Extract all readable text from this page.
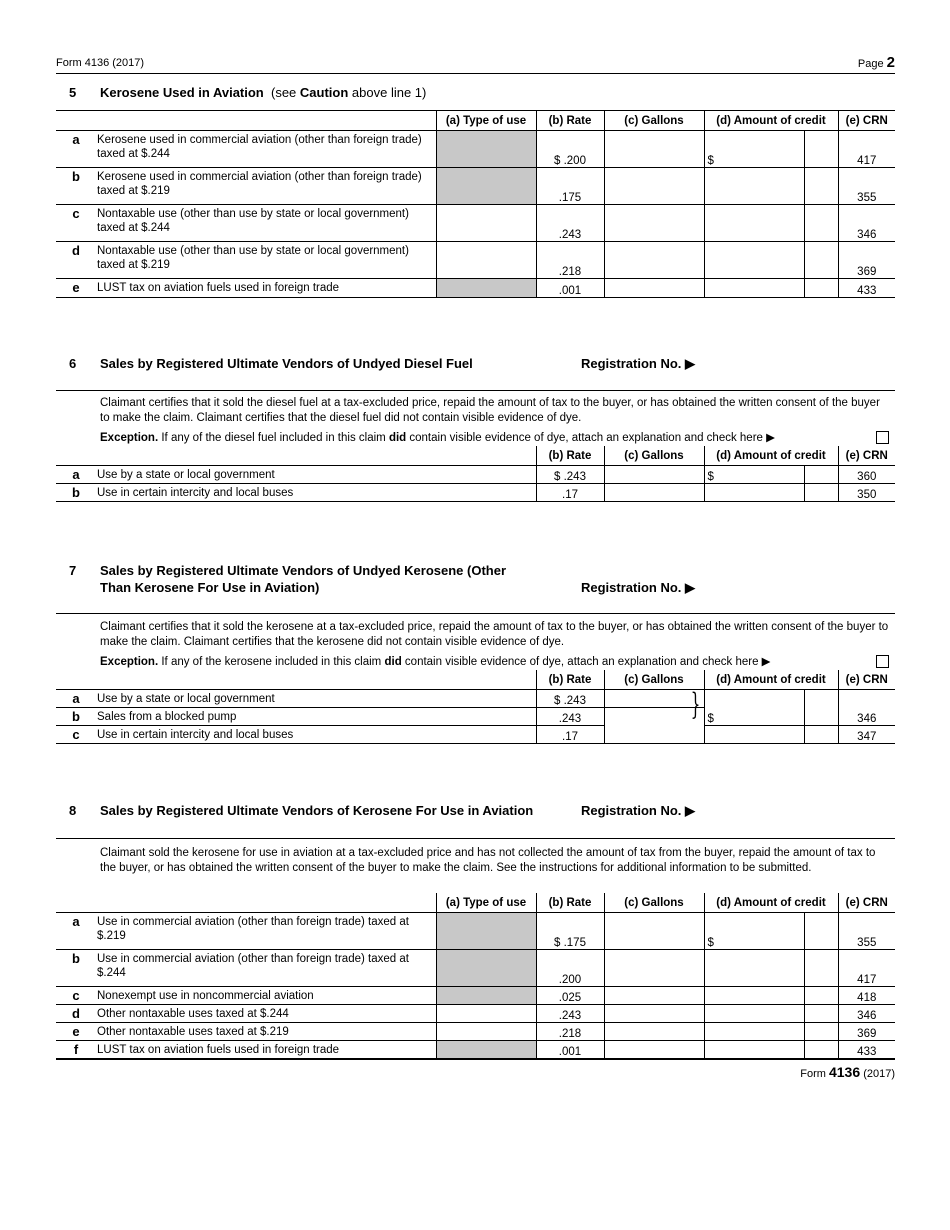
Form 4136 (2017)	Page 2
5 Kerosene Used in Aviation (see Caution above line 1)
		(a) Type of use	(b) Rate	(c) Gallons	(d) Amount of credit		(e) CRN
a	Kerosene used in commercial aviation (other than foreign trade) taxed at $.244		$ .200		$		417
b	Kerosene used in commercial aviation (other than foreign trade) taxed at $.219		.175				355
c	Nontaxable use (other than use by state or local government) taxed at $.244		.243				346
d	Nontaxable use (other than use by state or local government) taxed at $.219		.218				369
e	LUST tax on aviation fuels used in foreign trade		.001				433
6 Sales by Registered Ultimate Vendors of Undyed Diesel Fuel	Registration No. ▶
Claimant certifies that it sold the diesel fuel at a tax-excluded price, repaid the amount of tax to the buyer, or has obtained the written consent of the buyer to make the claim. Claimant certifies that the diesel fuel did not contain visible evidence of dye.
Exception. If any of the diesel fuel included in this claim did contain visible evidence of dye, attach an explanation and check here ▶
		(b) Rate	(c) Gallons	(d) Amount of credit		(e) CRN
a	Use by a state or local government	$ .243		$		360
b	Use in certain intercity and local buses	.17				350
7 Sales by Registered Ultimate Vendors of Undyed Kerosene (Other
Than Kerosene For Use in Aviation)	Registration No. ▶
Claimant certifies that it sold the kerosene at a tax-excluded price, repaid the amount of tax to the buyer, or has obtained the written consent of the buyer to make the claim. Claimant certifies that the kerosene did not contain visible evidence of dye.
Exception. If any of the kerosene included in this claim did contain visible evidence of dye, attach an explanation and check here ▶
		(b) Rate	(c) Gallons	(d) Amount of credit		(e) CRN
a	Use by a state or local government	$ .243				
b	Sales from a blocked pump	.243		$		346
c	Use in certain intercity and local buses	.17				347
}
8 Sales by Registered Ultimate Vendors of Kerosene For Use in Aviation	Registration No. ▶
Claimant sold the kerosene for use in aviation at a tax-excluded price and has not collected the amount of tax from the buyer, repaid the amount of tax to the buyer, or has obtained the written consent of the buyer to make the claim. See the instructions for additional information to be submitted.
		(a) Type of use	(b) Rate	(c) Gallons	(d) Amount of credit		(e) CRN
a	Use in commercial aviation (other than foreign trade) taxed at $.219		$ .175		$		355
b	Use in commercial aviation (other than foreign trade) taxed at $.244		.200				417
c	Nonexempt use in noncommercial aviation		.025				418
d	Other nontaxable uses taxed at $.244		.243				346
e	Other nontaxable uses taxed at $.219		.218				369
f	LUST tax on aviation fuels used in foreign trade		.001				433
Form 4136 (2017)
